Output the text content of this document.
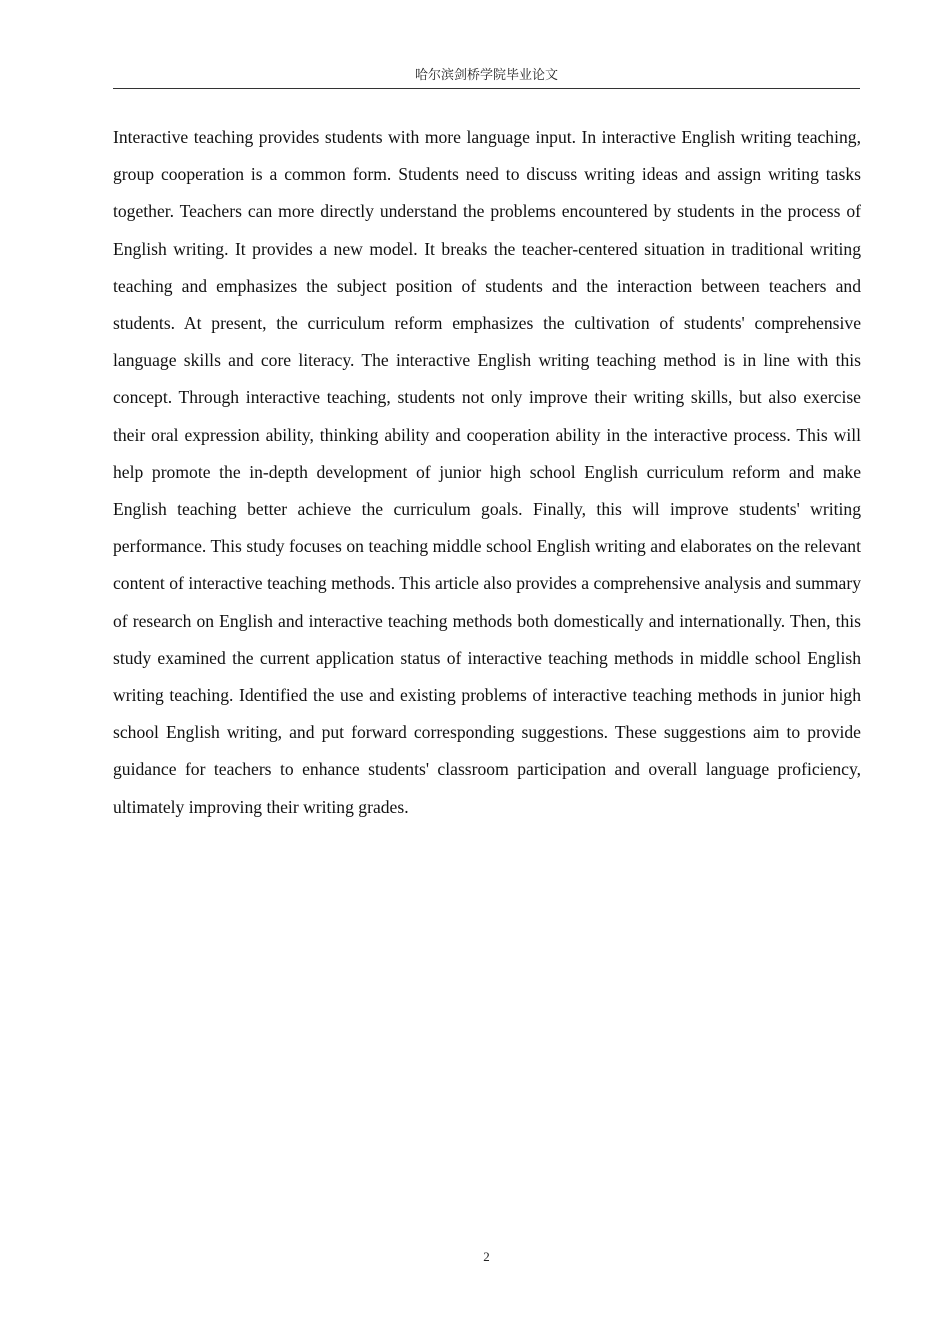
哈尔滨剑桥学院毕业论文

Interactive teaching provides students with more language input. In interactive English writing teaching, group cooperation is a common form. Students need to discuss writing ideas and assign writing tasks together. Teachers can more directly understand the problems encountered by students in the process of English writing. It provides a new model. It breaks the teacher-centered situation in traditional writing teaching and emphasizes the subject position of students and the interaction between teachers and students. At present, the curriculum reform emphasizes the cultivation of students' comprehensive language skills and core literacy. The interactive English writing teaching method is in line with this concept. Through interactive teaching, students not only improve their writing skills, but also exercise their oral expression ability, thinking ability and cooperation ability in the interactive process. This will help promote the in-depth development of junior high school English curriculum reform and make English teaching better achieve the curriculum goals. Finally, this will improve students' writing performance. This study focuses on teaching middle school English writing and elaborates on the relevant content of interactive teaching methods. This article also provides a comprehensive analysis and summary of research on English and interactive teaching methods both domestically and internationally. Then, this study examined the current application status of interactive teaching methods in middle school English writing teaching. Identified the use and existing problems of interactive teaching methods in junior high school English writing, and put forward corresponding suggestions. These suggestions aim to provide guidance for teachers to enhance students' classroom participation and overall language proficiency, ultimately improving their writing grades.

2
